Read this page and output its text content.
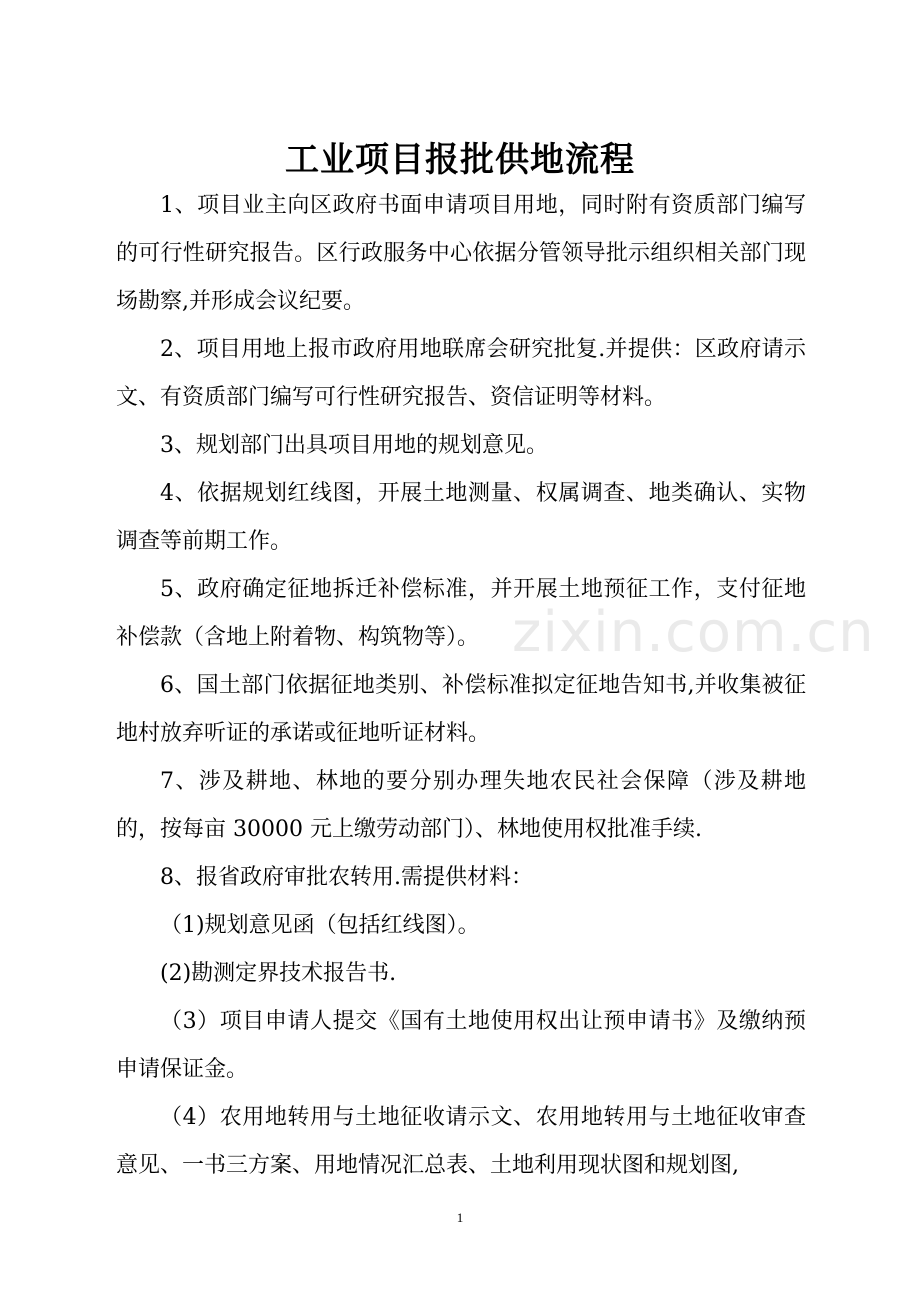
工业项目报批供地流程

1、项目业主向区政府书面申请项目用地，同时附有资质部门编写的可行性研究报告。区行政服务中心依据分管领导批示组织相关部门现场勘察,并形成会议纪要。

2、项目用地上报市政府用地联席会研究批复.并提供：区政府请示文、有资质部门编写可行性研究报告、资信证明等材料。

3、规划部门出具项目用地的规划意见。

4、依据规划红线图，开展土地测量、权属调查、地类确认、实物调查等前期工作。

5、政府确定征地拆迁补偿标准，并开展土地预征工作，支付征地补偿款（含地上附着物、构筑物等）。

6、国土部门依据征地类别、补偿标准拟定征地告知书,并收集被征地村放弃听证的承诺或征地听证材料。

7、涉及耕地、林地的要分别办理失地农民社会保障（涉及耕地的，按每亩 30000 元上缴劳动部门）、林地使用权批准手续.

8、报省政府审批农转用.需提供材料：

（1)规划意见函（包括红线图）。

(2)勘测定界技术报告书.

（3）项目申请人提交《国有土地使用权出让预申请书》及缴纳预申请保证金。

（4）农用地转用与土地征收请示文、农用地转用与土地征收审查意见、一书三方案、用地情况汇总表、土地利用现状图和规划图,

zixin.com.cn
1
